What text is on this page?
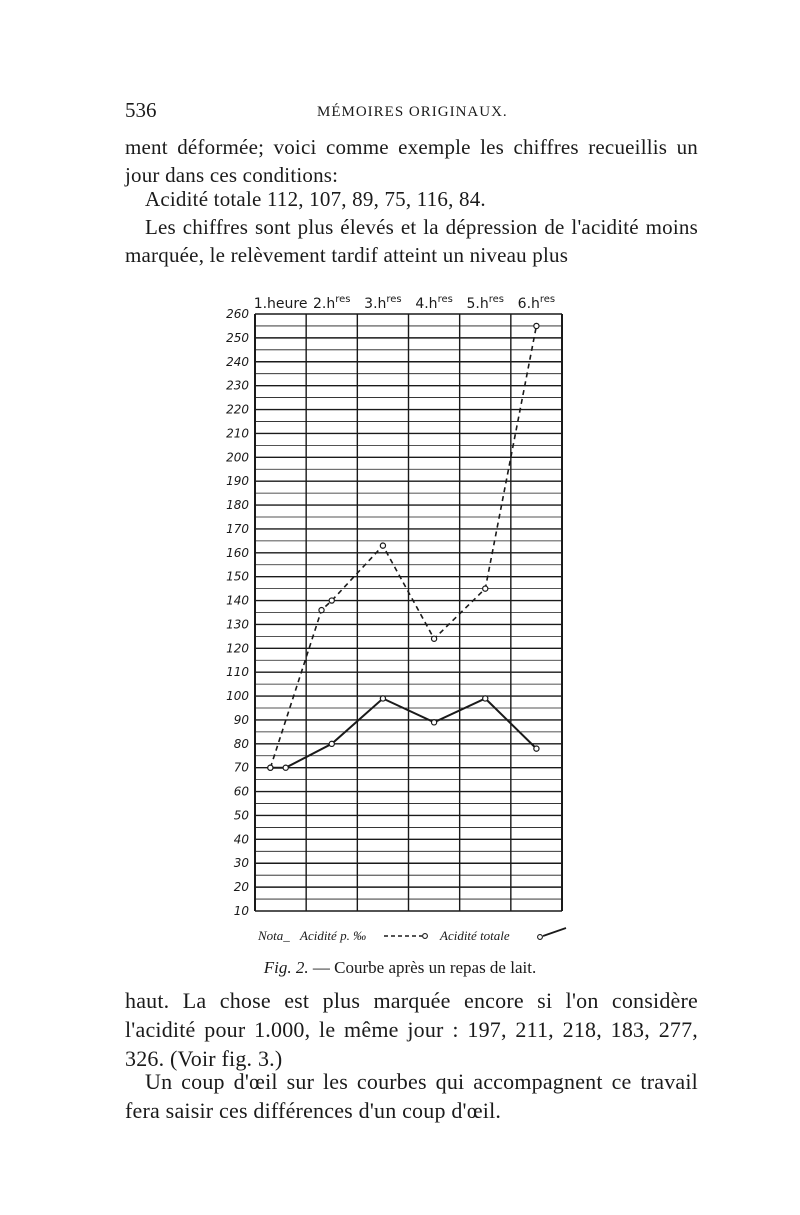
536	MÉMOIRES ORIGINAUX.

ment déformée; voici comme exemple les chiffres recueillis un jour dans ces conditions:

Acidité totale 112, 107, 89, 75, 116, 84.

Les chiffres sont plus élevés et la dépression de l'acidité moins marquée, le relèvement tardif atteint un niveau plus

260
250
240
230
220
210
200
190
180
170
160
150
140
130
120
110
100
90
80
70
60
50
40
30
20
10
1.heure $2.h^{res}$ $3.h^{res}$ $4.h^{res}$ $5.h^{res}$ $6.h^{res}$
Nota_ Acidité p. ‰	Acidité totale
Fig. 2. — Courbe après un repas de lait.

haut. La chose est plus marquée encore si l'on considère l'acidité pour 1.000, le même jour : 197, 211, 218, 183, 277, 326. (Voir fig. 3.)

Un coup d'œil sur les courbes qui accompagnent ce travail fera saisir ces différences d'un coup d'œil.
